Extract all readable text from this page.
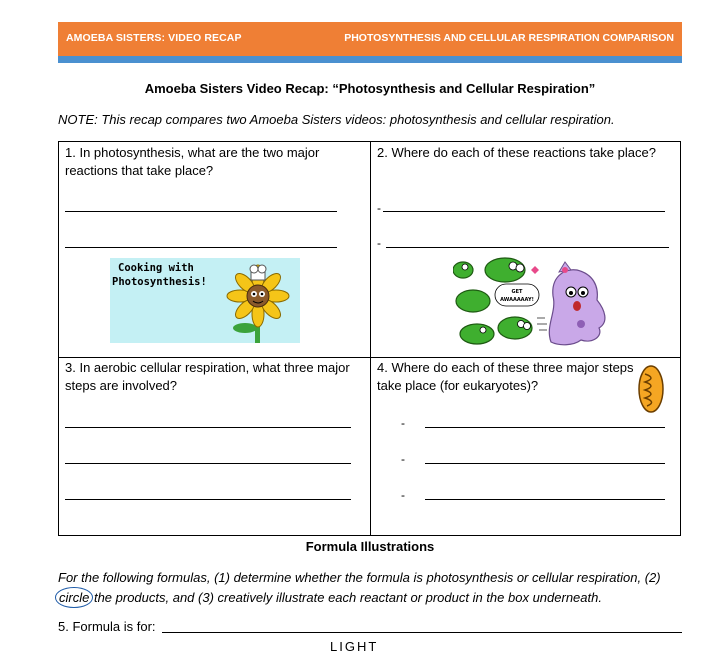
AMOEBA SISTERS: VIDEO RECAP	PHOTOSYNTHESIS AND CELLULAR RESPIRATION COMPARISON
Amoeba Sisters Video Recap: “Photosynthesis and Cellular Respiration”
NOTE: This recap compares two Amoeba Sisters videos: photosynthesis and cellular respiration.
1. In photosynthesis, what are the two major reactions that take place?
Cooking with
Photosynthesis!
2. Where do each of these reactions take place?
-
-
GET
AWAAAAAY!
3. In aerobic cellular respiration, what three major steps are involved?
4. Where do each of these three major steps take place (for eukaryotes)?
-
-
-
Formula Illustrations
For the following formulas, (1) determine whether the formula is photosynthesis or cellular respiration, (2)circle the products, and (3) creatively illustrate each reactant or product in the box underneath.
5. Formula is for:
LIGHT
